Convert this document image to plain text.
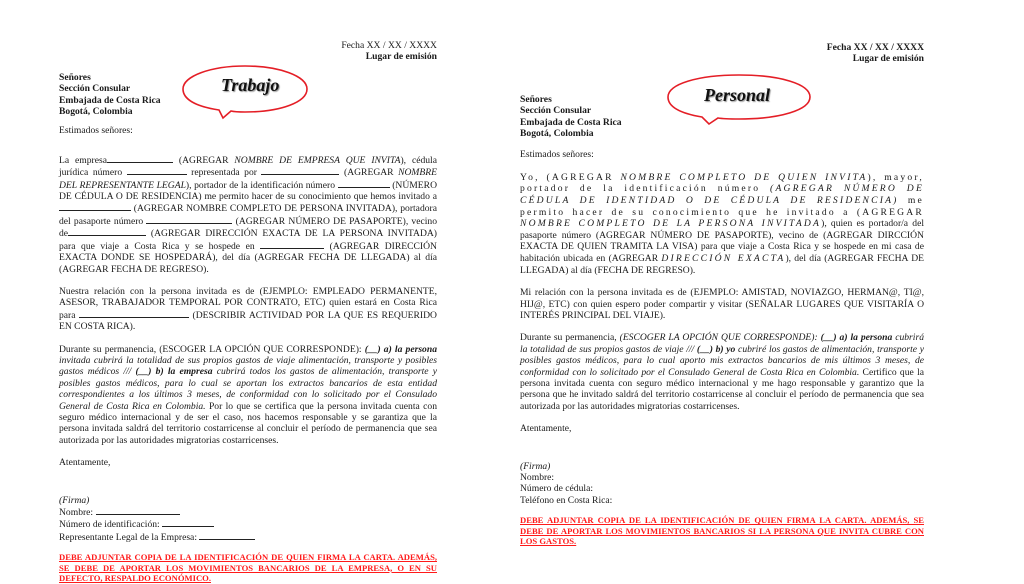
Trabajo	Personal

Fecha XX / XX / XXXX

Lugar de emisión

Señores

Sección Consular

Embajada de Costa Rica

Bogotá, Colombia

Estimados señores:

La empresa	(AGREGAR NOMBRE DE EMPRESA QUE INVITA), cédula jurídica número	representada por	(AGREGAR NOMBRE DEL REPRESENTANTE LEGAL), portador de la identificación número	(NÚMERO DE CÉDULA O DE RESIDENCIA) me permito hacer de su conocimiento que hemos invitado a  (AGREGAR NOMBRE COMPLETO DE PERSONA INVITADA), portadora del pasaporte número	(AGREGAR NÚMERO DE PASAPORTE), vecino de	(AGREGAR DIRECCIÓN EXACTA DE LA PERSONA INVITADA) para que viaje a Costa Rica y se hospede en	(AGREGAR DIRECCIÓN EXACTA DONDE SE HOSPEDARÁ), del día (AGREGAR FECHA DE LLEGADA) al día (AGREGAR FECHA DE REGRESO).

Nuestra relación con la persona invitada es de (EJEMPLO: EMPLEADO PERMANENTE, ASESOR, TRABAJADOR TEMPORAL POR CONTRATO, ETC) quien estará en Costa Rica para	(DESCRIBIR ACTIVIDAD POR LA QUE ES REQUERIDO EN COSTA RICA).

Durante su permanencia, (ESCOGER LA OPCIÓN QUE CORRESPONDE): (__) a) la persona invitada cubrirá la totalidad de sus propios gastos de viaje alimentación, transporte y posibles gastos médicos /// (__) b) la empresa cubrirá todos los gastos de alimentación, transporte y posibles gastos médicos, para lo cual se aportan los extractos bancarios de esta entidad correspondientes a los últimos 3 meses, de conformidad con lo solicitado por el Consulado General de Costa Rica en Colombia. Por lo que se certifica que la persona invitada cuenta con seguro médico internacional y de ser el caso, nos hacemos responsable y se garantiza que la persona invitada saldrá del territorio costarricense al concluir el período de permanencia que sea autorizada por las autoridades migratorias costarricenses.

Atentamente,

(Firma)

Nombre:

Número de identificación:

Representante Legal de la Empresa:

DEBE ADJUNTAR COPIA DE LA IDENTIFICACIÓN DE QUIEN FIRMA LA CARTA. ADEMÁS, SE DEBE DE APORTAR LOS MOVIMIENTOS BANCARIOS DE LA EMPRESA, O EN SU DEFECTO, RESPALDO ECONÓMICO.

Fecha XX / XX / XXXX

Lugar de emisión

Señores

Sección Consular

Embajada de Costa Rica

Bogotá, Colombia

Estimados señores:

Yo, (AGREGAR NOMBRE COMPLETO DE QUIEN INVITA), mayor, portador de la identificación número (AGREGAR NÚMERO DE CÉDULA DE IDENTIDAD O DE CÉDULA DE RESIDENCIA) me permito hacer de su conocimiento que he invitado a (AGREGAR NOMBRE COMPLETO DE LA PERSONA INVITADA), quien es portador/a del pasaporte número (AGREGAR NÚMERO DE PASAPORTE), vecino de (AGREGAR DIRCCIÓN EXACTA DE QUIEN TRAMITA LA VISA) para que viaje a Costa Rica y se hospede en mi casa de habitación ubicada en (AGREGAR DIRECCIÓN EXACTA), del día (AGREGAR FECHA DE LLEGADA) al día (FECHA DE REGRESO).

Mi relación con la persona invitada es de (EJEMPLO: AMISTAD, NOVIAZGO, HERMAN@, TI@, HIJ@, ETC) con quien espero poder compartir y visitar (SEÑALAR LUGARES QUE VISITARÍA O INTERÉS PRINCIPAL DEL VIAJE).

Durante su permanencia, (ESCOGER LA OPCIÓN QUE CORRESPONDE): (__) a) la persona cubrirá la totalidad de sus propios gastos de viaje /// (__) b) yo cubriré los gastos de alimentación, transporte y posibles gastos médicos, para lo cual aporto mis extractos bancarios de mis últimos 3 meses, de conformidad con lo solicitado por el Consulado General de Costa Rica en Colombia. Certifico que la persona invitada cuenta con seguro médico internacional y me hago responsable y garantizo que la persona que he invitado saldrá del territorio costarricense al concluir el período de permanencia que sea autorizada por las autoridades migratorias costarricenses.

Atentamente,

(Firma)

Nombre:

Número de cédula:

Teléfono en Costa Rica:

DEBE ADJUNTAR COPIA DE LA IDENTIFICACIÓN DE QUIEN FIRMA LA CARTA. ADEMÁS, SE DEBE DE APORTAR LOS MOVIMIENTOS BANCARIOS SI LA PERSONA QUE INVITA CUBRE CON LOS GASTOS.
